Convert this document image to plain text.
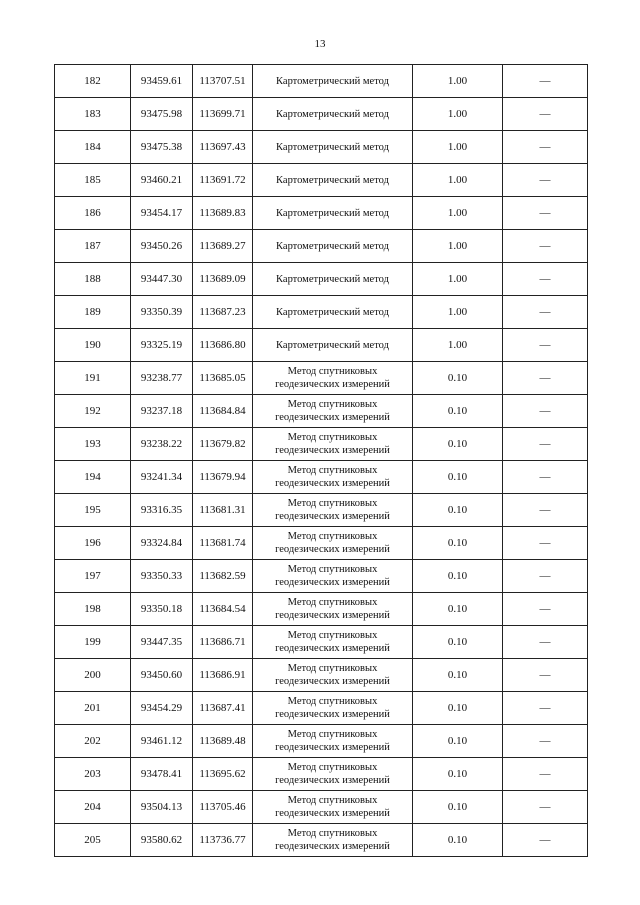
13
182	93459.61	113707.51	Картометрический метод	1.00	—
183	93475.98	113699.71	Картометрический метод	1.00	—
184	93475.38	113697.43	Картометрический метод	1.00	—
185	93460.21	113691.72	Картометрический метод	1.00	—
186	93454.17	113689.83	Картометрический метод	1.00	—
187	93450.26	113689.27	Картометрический метод	1.00	—
188	93447.30	113689.09	Картометрический метод	1.00	—
189	93350.39	113687.23	Картометрический метод	1.00	—
190	93325.19	113686.80	Картометрический метод	1.00	—
191	93238.77	113685.05	Метод спутниковых
геодезических измерений	0.10	—
192	93237.18	113684.84	Метод спутниковых
геодезических измерений	0.10	—
193	93238.22	113679.82	Метод спутниковых
геодезических измерений	0.10	—
194	93241.34	113679.94	Метод спутниковых
геодезических измерений	0.10	—
195	93316.35	113681.31	Метод спутниковых
геодезических измерений	0.10	—
196	93324.84	113681.74	Метод спутниковых
геодезических измерений	0.10	—
197	93350.33	113682.59	Метод спутниковых
геодезических измерений	0.10	—
198	93350.18	113684.54	Метод спутниковых
геодезических измерений	0.10	—
199	93447.35	113686.71	Метод спутниковых
геодезических измерений	0.10	—
200	93450.60	113686.91	Метод спутниковых
геодезических измерений	0.10	—
201	93454.29	113687.41	Метод спутниковых
геодезических измерений	0.10	—
202	93461.12	113689.48	Метод спутниковых
геодезических измерений	0.10	—
203	93478.41	113695.62	Метод спутниковых
геодезических измерений	0.10	—
204	93504.13	113705.46	Метод спутниковых
геодезических измерений	0.10	—
205	93580.62	113736.77	Метод спутниковых
геодезических измерений	0.10	—
